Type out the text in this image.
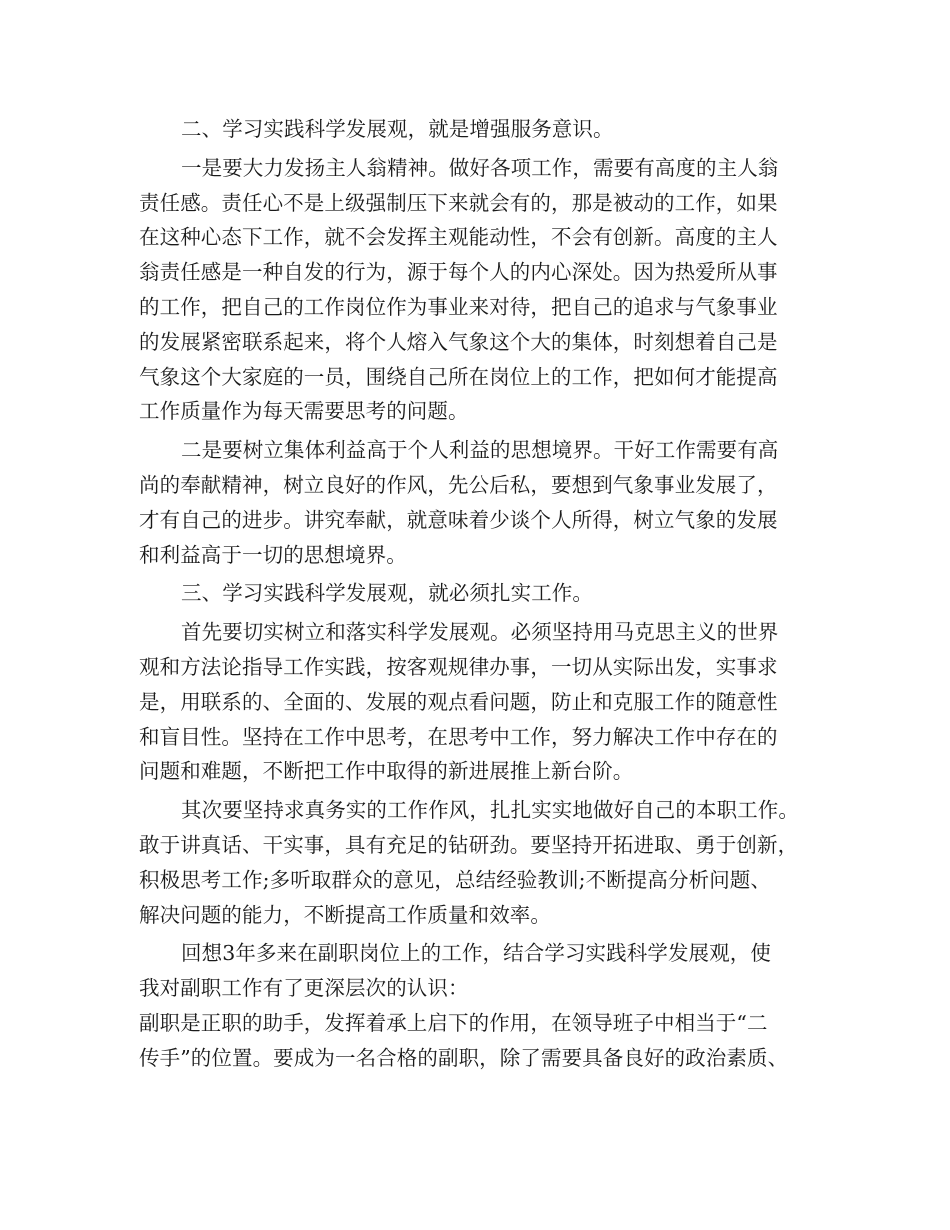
二、学习实践科学发展观，就是增强服务意识。
一是要大力发扬主人翁精神。做好各项工作，需要有高度的主人翁
责任感。责任心不是上级强制压下来就会有的，那是被动的工作，如果
在这种心态下工作，就不会发挥主观能动性，不会有创新。高度的主人
翁责任感是一种自发的行为，源于每个人的内心深处。因为热爱所从事
的工作，把自己的工作岗位作为事业来对待，把自己的追求与气象事业
的发展紧密联系起来，将个人熔入气象这个大的集体，时刻想着自己是
气象这个大家庭的一员，围绕自己所在岗位上的工作，把如何才能提高
工作质量作为每天需要思考的问题。
二是要树立集体利益高于个人利益的思想境界。干好工作需要有高
尚的奉献精神，树立良好的作风，先公后私，要想到气象事业发展了，
才有自己的进步。讲究奉献，就意味着少谈个人所得，树立气象的发展
和利益高于一切的思想境界。
三、学习实践科学发展观，就必须扎实工作。
首先要切实树立和落实科学发展观。必须坚持用马克思主义的世界
观和方法论指导工作实践，按客观规律办事，一切从实际出发，实事求
是，用联系的、全面的、发展的观点看问题，防止和克服工作的随意性
和盲目性。坚持在工作中思考，在思考中工作，努力解决工作中存在的
问题和难题，不断把工作中取得的新进展推上新台阶。
其次要坚持求真务实的工作作风，扎扎实实地做好自己的本职工作。
敢于讲真话、干实事，具有充足的钻研劲。要坚持开拓进取、勇于创新，
积极思考工作;多听取群众的意见，总结经验教训;不断提高分析问题、
解决问题的能力，不断提高工作质量和效率。
回想3年多来在副职岗位上的工作，结合学习实践科学发展观，使
我对副职工作有了更深层次的认识：
副职是正职的助手，发挥着承上启下的作用，在领导班子中相当于“二
传手”的位置。要成为一名合格的副职，除了需要具备良好的政治素质、
